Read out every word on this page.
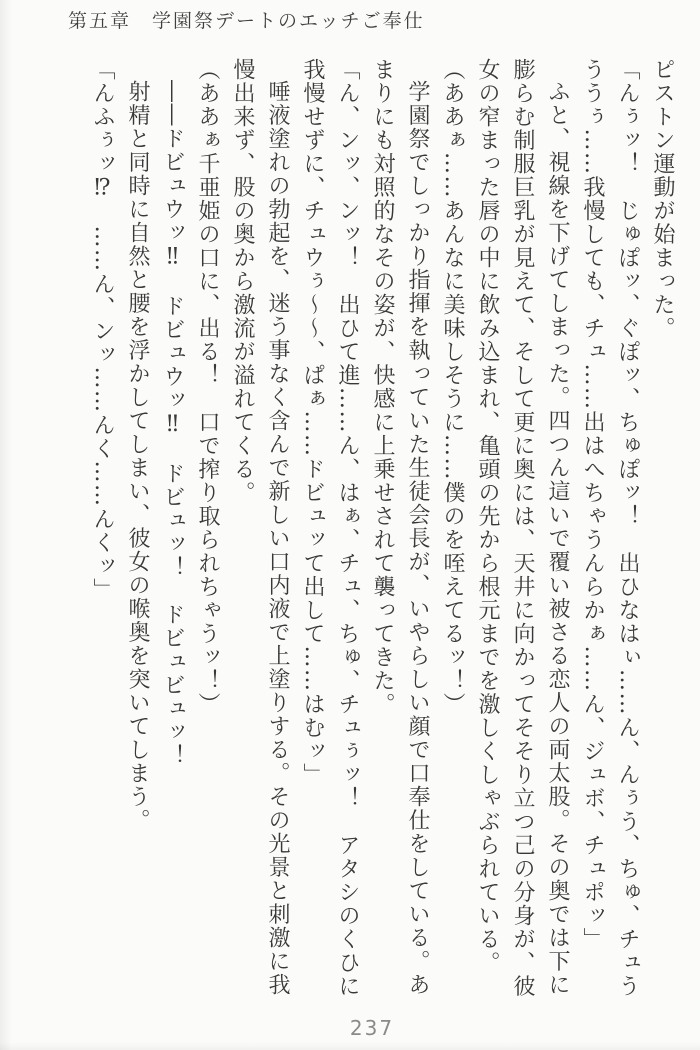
第五章　学園祭デートのエッチご奉仕

ピストン運動が始まった。

「んぅッ！　じゅぽッ、ぐぽッ、ちゅぽッ！　出ひなはぃ……ん、んぅう、ちゅ、チュう

ううぅ……我慢しても、チュ……出はへちゃうんらかぁ……ん、ジュボ、チュポッ」

ふと、視線を下げてしまった。四つん這いで覆い被さる恋人の両太股。その奥では下に

膨らむ制服巨乳が見えて、そして更に奥には、天井に向かってそそり立つ己の分身が、彼

女の窄まった唇の中に飲み込まれ、亀頭の先から根元までを激しくしゃぶられている。

（ああぁ……あんなに美味しそうに……僕のを咥えてるッ！）

学園祭でしっかり指揮を執っていた生徒会長が、いやらしい顔で口奉仕をしている。あ

まりにも対照的なその姿が、快感に上乗せされて襲ってきた。

「ん、ンッ、ンッ！　出ひて進……ん、はぁ、チュ、ちゅ、チュぅッ！　アタシのくひに

我慢せずに、チュウぅ～～、ぱぁ……ドビュッて出して……はむッ」

唾液塗れの勃起を、迷う事なく含んで新しい口内液で上塗りする。その光景と刺激に我

慢出来ず、股の奥から激流が溢れてくる。

（ああぁ千亜姫の口に、出る！　口で搾り取られちゃうッ！）

――ドビュウッ‼　ドビュウッ‼　ドビュッ！　ドビュビュッ！

射精と同時に自然と腰を浮かしてしまい、彼女の喉奥を突いてしまう。

「んふぅッ⁉　……ん、ンッ……んく……んくッ」

237
